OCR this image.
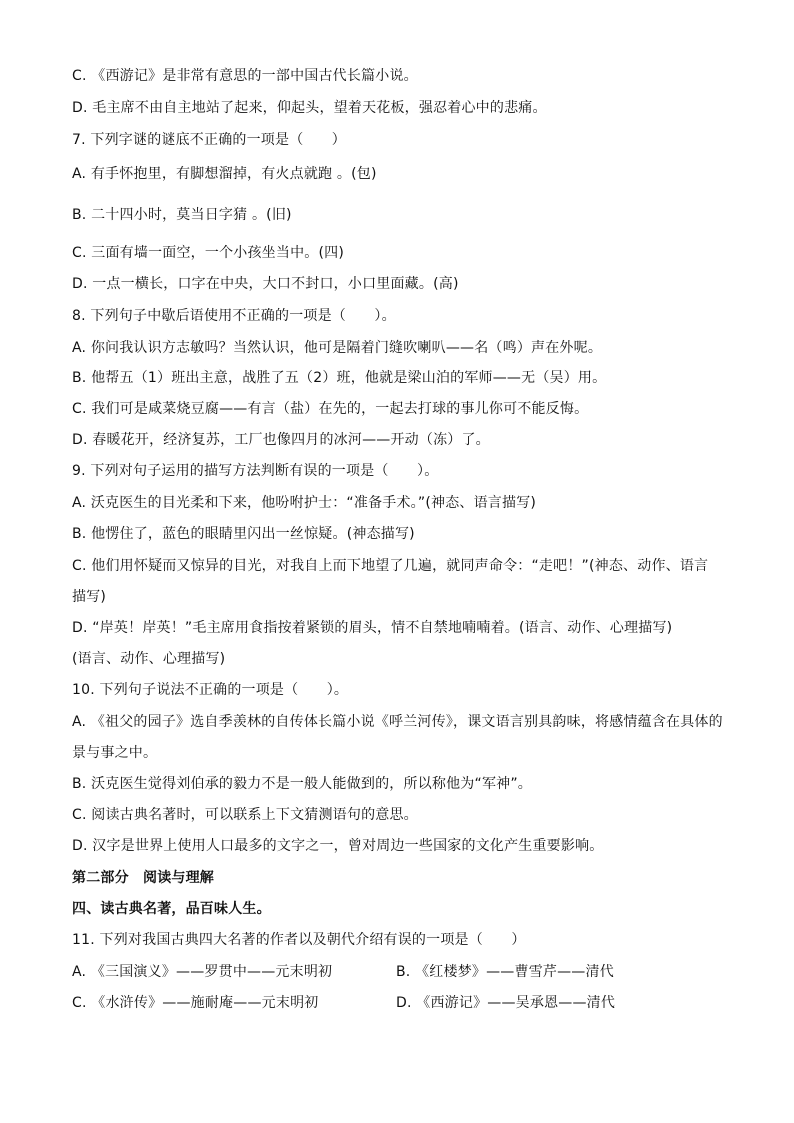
C. 《西游记》是非常有意思的一部中国古代长篇小说。
D. 毛主席不由自主地站了起来，仰起头，望着天花板，强忍着心中的悲痛。
7. 下列字谜的谜底不正确的一项是（　　）
A. 有手怀抱里，有脚想溜掉，有火点就跑 。(包)
B. 二十四小时，莫当日字猜 。(旧)
C. 三面有墙一面空，一个小孩坐当中。(四)
D. 一点一横长，口字在中央，大口不封口，小口里面藏。(高)
8. 下列句子中歇后语使用不正确的一项是（　　）。
A. 你问我认识方志敏吗？当然认识，他可是隔着门缝吹喇叭——名（鸣）声在外呢。
B. 他帮五（1）班出主意，战胜了五（2）班，他就是梁山泊的军师——无（吴）用。
C. 我们可是咸菜烧豆腐——有言（盐）在先的，一起去打球的事儿你可不能反悔。
D. 春暖花开，经济复苏，工厂也像四月的冰河——开动（冻）了。
9. 下列对句子运用的描写方法判断有误的一项是（　　）。
A. 沃克医生的目光柔和下来，他吩咐护士：“准备手术。”(神态、语言描写)
B. 他愣住了，蓝色的眼睛里闪出一丝惊疑。(神态描写)
C. 他们用怀疑而又惊异的目光，对我自上而下地望了几遍，就同声命令：“走吧！”(神态、动作、语言
描写)
D. “岸英！岸英！”毛主席用食指按着紧锁的眉头，情不自禁地喃喃着。(语言、动作、心理描写)
(语言、动作、心理描写)
10. 下列句子说法不正确的一项是（　　）。
A. 《祖父的园子》选自季羡林的自传体长篇小说《呼兰河传》，课文语言别具韵味，将感情蕴含在具体的
景与事之中。
B. 沃克医生觉得刘伯承的毅力不是一般人能做到的，所以称他为“军神”。
C. 阅读古典名著时，可以联系上下文猜测语句的意思。
D. 汉字是世界上使用人口最多的文字之一，曾对周边一些国家的文化产生重要影响。
第二部分　阅读与理解
四、读古典名著，品百味人生。
11. 下列对我国古典四大名著的作者以及朝代介绍有误的一项是（　　）
A. 《三国演义》——罗贯中——元末明初	B. 《红楼梦》——曹雪芹——清代
C. 《水浒传》——施耐庵——元末明初	D. 《西游记》——吴承恩——清代
